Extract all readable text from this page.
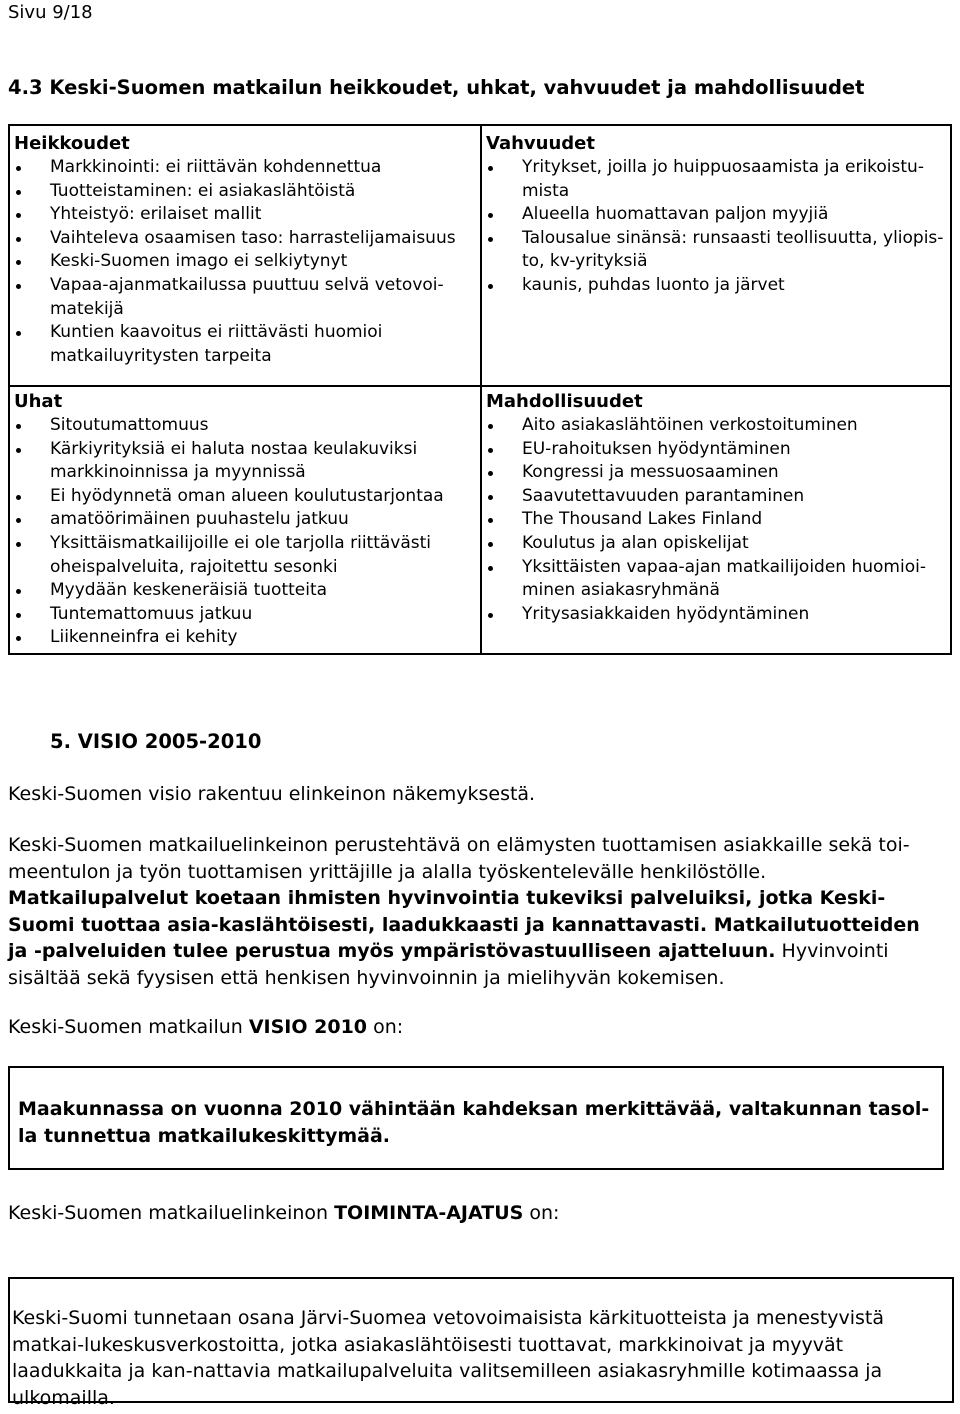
Sivu 9/18
4.3 Keski-Suomen matkailun heikkoudet, uhkat, vahvuudet ja mahdollisuudet

Heikkoudet

Markkinointi: ei riittävän kohdennettua
Tuotteistaminen: ei asiakaslähtöistä
Yhteistyö: erilaiset mallit
Vaihteleva osaamisen taso: harrastelijamaisuus
Keski-Suomen imago ei selkiytynyt
Vapaa-ajanmatkailussa puuttuu selvä vetovoi-matekijä
Kuntien kaavoitus ei riittävästi huomioi matkailuyritysten tarpeita

Vahvuudet

Yritykset, joilla jo huippuosaamista ja erikoistu-mista
Alueella huomattavan paljon myyjiä
Talousalue sinänsä: runsaasti teollisuutta, yliopis-to, kv-yrityksiä
kaunis, puhdas luonto ja järvet

Uhat

Sitoutumattomuus
Kärkiyrityksiä ei haluta nostaa keulakuviksi markkinoinnissa ja myynnissä
Ei hyödynnetä oman alueen koulutustarjontaa
amatöörimäinen puuhastelu jatkuu
Yksittäismatkailijoille ei ole tarjolla riittävästi oheispalveluita, rajoitettu sesonki
Myydään keskeneräisiä tuotteita
Tuntemattomuus jatkuu
Liikenneinfra ei kehity

Mahdollisuudet

Aito asiakaslähtöinen verkostoituminen
EU-rahoituksen hyödyntäminen
Kongressi ja messuosaaminen
Saavutettavuuden parantaminen
The Thousand Lakes Finland
Koulutus ja alan opiskelijat
Yksittäisten vapaa-ajan matkailijoiden huomioi-minen asiakasryhmänä
Yritysasiakkaiden hyödyntäminen
5. VISIO 2005-2010

Keski-Suomen visio rakentuu elinkeinon näkemyksestä.

Keski-Suomen matkailuelinkeinon perustehtävä on elämysten tuottamisen asiakkaille sekä toi-meentulon ja työn tuottamisen yrittäjille ja alalla työskentelevälle henkilöstölle. Matkailupalvelut koetaan ihmisten hyvinvointia tukeviksi palveluiksi, jotka Keski-Suomi tuottaa asia-kaslähtöisesti, laadukkaasti ja kannattavasti. Matkailutuotteiden ja -palveluiden tulee perustua myös ympäristövastuulliseen ajatteluun. Hyvinvointi sisältää sekä fyysisen että henkisen hyvinvoinnin ja mielihyvän kokemisen.

Keski-Suomen matkailun VISIO 2010 on:

Maakunnassa on vuonna 2010 vähintään kahdeksan merkittävää, valtakunnan tasol-la tunnettua matkailukeskittymää.

Keski-Suomen matkailuelinkeinon TOIMINTA-AJATUS on:

Keski-Suomi tunnetaan osana Järvi-Suomea vetovoimaisista kärkituotteista ja menestyvistä matkai-lukeskusverkostoitta, jotka asiakaslähtöisesti tuottavat, markkinoivat ja myyvät laadukkaita ja kan-nattavia matkailupalveluita valitsemilleen asiakasryhmille kotimaassa ja ulkomailla.
